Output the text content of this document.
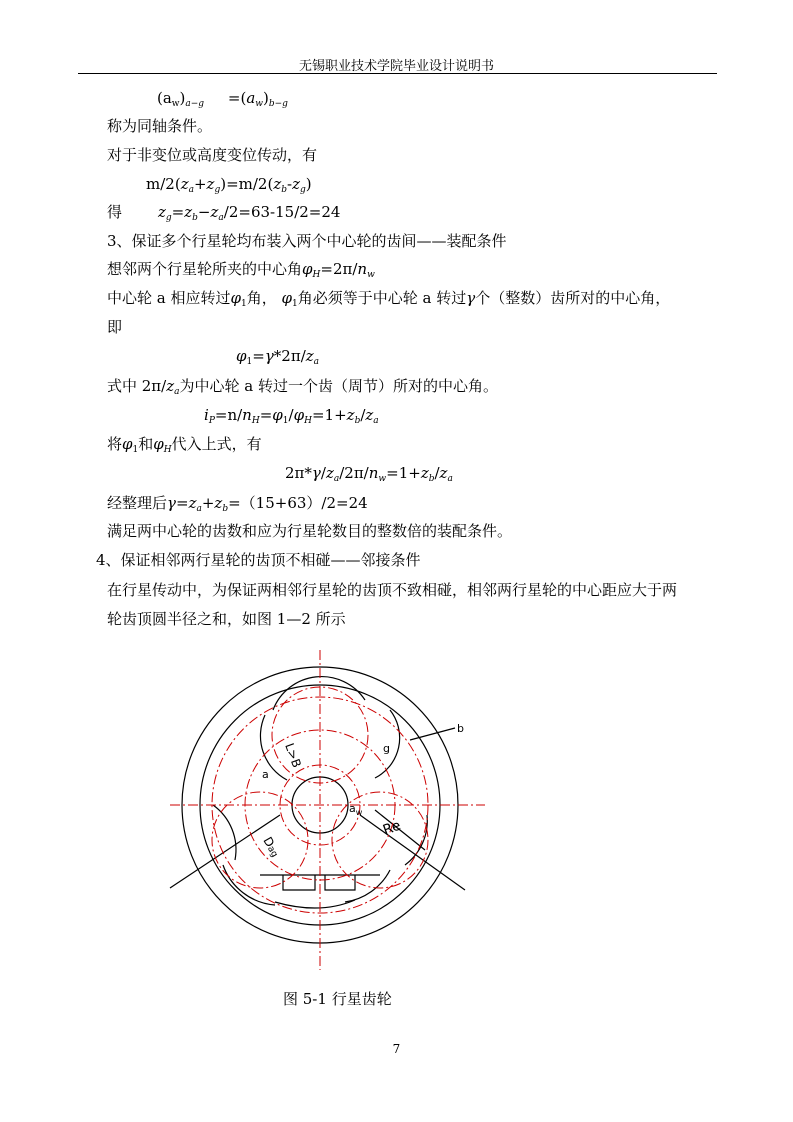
无锡职业技术学院毕业设计说明书
$(a_w)_{a-g}$     $=(a_w)_{b-g}$
称为同轴条件。
对于非变位或高度变位传动，有
$m/2(z_a+z_g)=m/2(z_b-z_g)$
得 $z_g=z_b-z_a/2=63-15/2=24$
3、保证多个行星轮均布装入两个中心轮的齿间——装配条件
想邻两个行星轮所夹的中心角$\varphi_H=2\pi/n_w$
中心轮 a 相应转过$\varphi_1$角， $\varphi_1$角必须等于中心轮 a 转过γ个（整数）齿所对的中心角，
即
$\varphi_1=\gamma*2\pi/z_a$
式中 $2\pi/z_a$为中心轮 a 转过一个齿（周节）所对的中心角。
$i_P=n/n_H=\varphi_1/\varphi_H=1+z_b/z_a$
将$\varphi_1$和$\varphi_H$代入上式，有
$2\pi*\gamma/z_a/2\pi/n_w=1+z_b/z_a$
经整理后$\gamma=z_a+z_b=(15+63)/2=24$
满足两中心轮的齿数和应为行星轮数目的整数倍的装配条件。
4、保证相邻两行星轮的齿顶不相碰——邻接条件
在行星传动中，为保证两相邻行星轮的齿顶不致相碰，相邻两行星轮的中心距应大于两
轮齿顶圆半径之和，如图 1—2 所示
b
g
a
$a_w$
Re
Dag
L>B
图 5-1 行星齿轮
7
